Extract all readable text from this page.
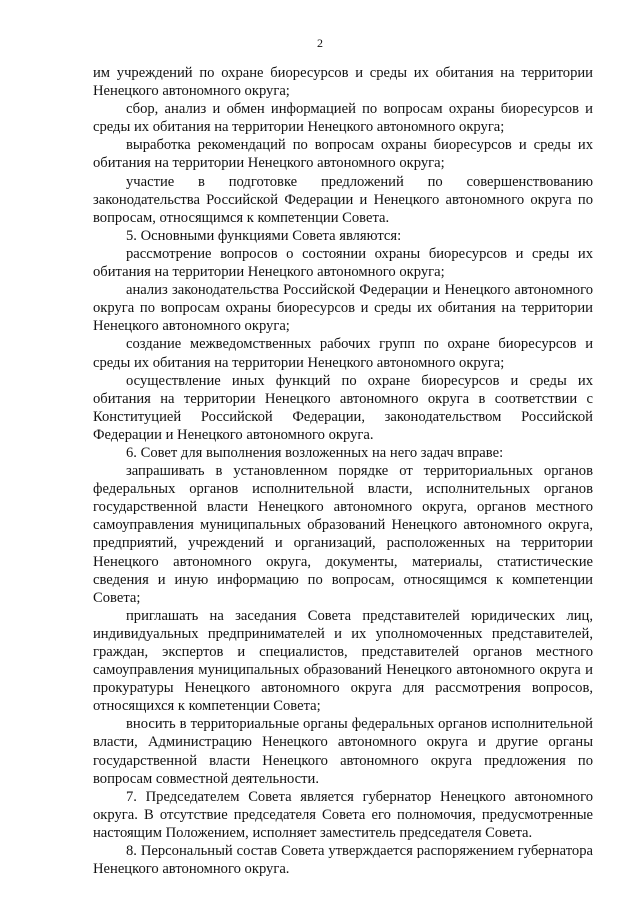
2

им учреждений по охране биоресурсов и среды их обитания на территории Ненецкого автономного округа;

сбор, анализ и обмен информацией по вопросам охраны биоресурсов и среды их обитания на территории Ненецкого автономного округа;

выработка рекомендаций по вопросам охраны биоресурсов и среды их обитания на территории Ненецкого автономного округа;

участие в подготовке предложений по совершенствованию законодательства Российской Федерации и Ненецкого автономного округа по вопросам, относящимся к компетенции Совета.

5. Основными функциями Совета являются:

рассмотрение вопросов о состоянии охраны биоресурсов и среды их обитания на территории Ненецкого автономного округа;

анализ законодательства Российской Федерации и Ненецкого автономного округа по вопросам охраны биоресурсов и среды их обитания на территории Ненецкого автономного округа;

создание межведомственных рабочих групп по охране биоресурсов и среды их обитания на территории Ненецкого автономного округа;

осуществление иных функций по охране биоресурсов и среды их обитания на территории Ненецкого автономного округа в соответствии с Конституцией Российской Федерации, законодательством Российской Федерации и Ненецкого автономного округа.

6. Совет для выполнения возложенных на него задач вправе:

запрашивать в установленном порядке от территориальных органов федеральных органов исполнительной власти, исполнительных органов государственной власти Ненецкого автономного округа, органов местного самоуправления муниципальных образований Ненецкого автономного округа, предприятий, учреждений и организаций, расположенных на территории Ненецкого автономного округа, документы, материалы, статистические сведения и иную информацию по вопросам, относящимся к компетенции Совета;

приглашать на заседания Совета представителей юридических лиц, индивидуальных предпринимателей и их уполномоченных представителей, граждан, экспертов и специалистов, представителей органов местного самоуправления муниципальных образований Ненецкого автономного округа и прокуратуры Ненецкого автономного округа для рассмотрения вопросов, относящихся к компетенции Совета;

вносить в территориальные органы федеральных органов исполнительной власти, Администрацию Ненецкого автономного округа и другие органы государственной власти Ненецкого автономного округа предложения по вопросам совместной деятельности.

7. Председателем Совета является губернатор Ненецкого автономного округа. В отсутствие председателя Совета его полномочия, предусмотренные настоящим Положением, исполняет заместитель председателя Совета.

8. Персональный состав Совета утверждается распоряжением губернатора Ненецкого автономного округа.
